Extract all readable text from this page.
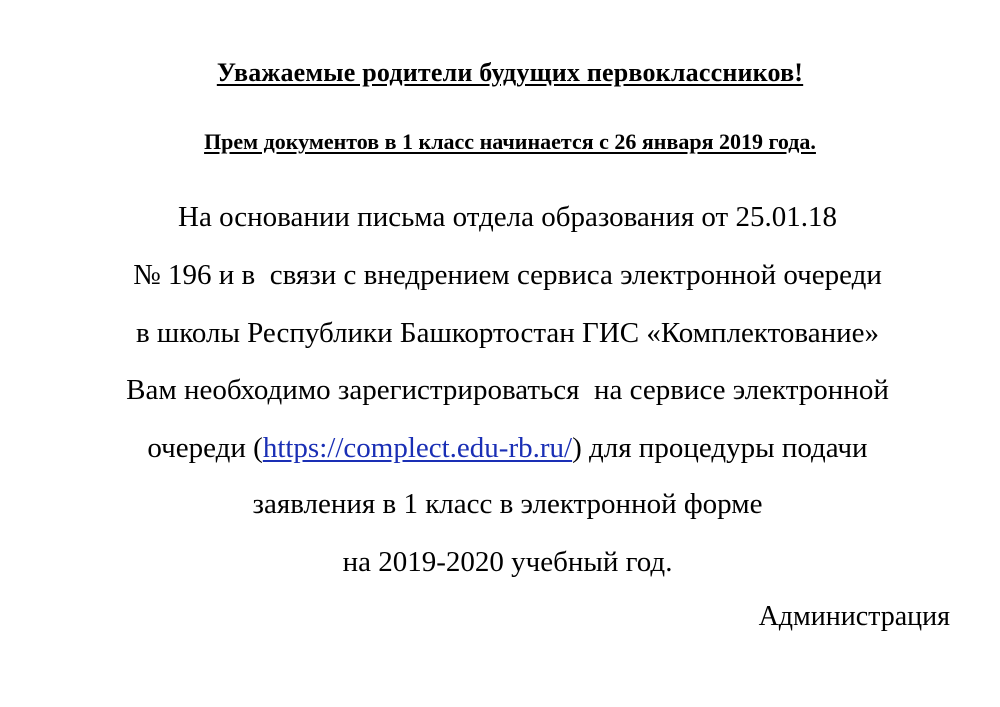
Уважаемые родители будущих первоклассников!
Прем документов в 1 класс начинается с 26 января 2019 года.
На основании письма отдела образования от 25.01.18
№ 196 и в  связи с внедрением сервиса электронной очереди
в школы Республики Башкортостан ГИС «Комплектование»
Вам необходимо зарегистрироваться  на сервисе электронной
очереди (https://complect.edu-rb.ru/) для процедуры подачи
заявления в 1 класс в электронной форме
на 2019-2020 учебный год.
Администрация
